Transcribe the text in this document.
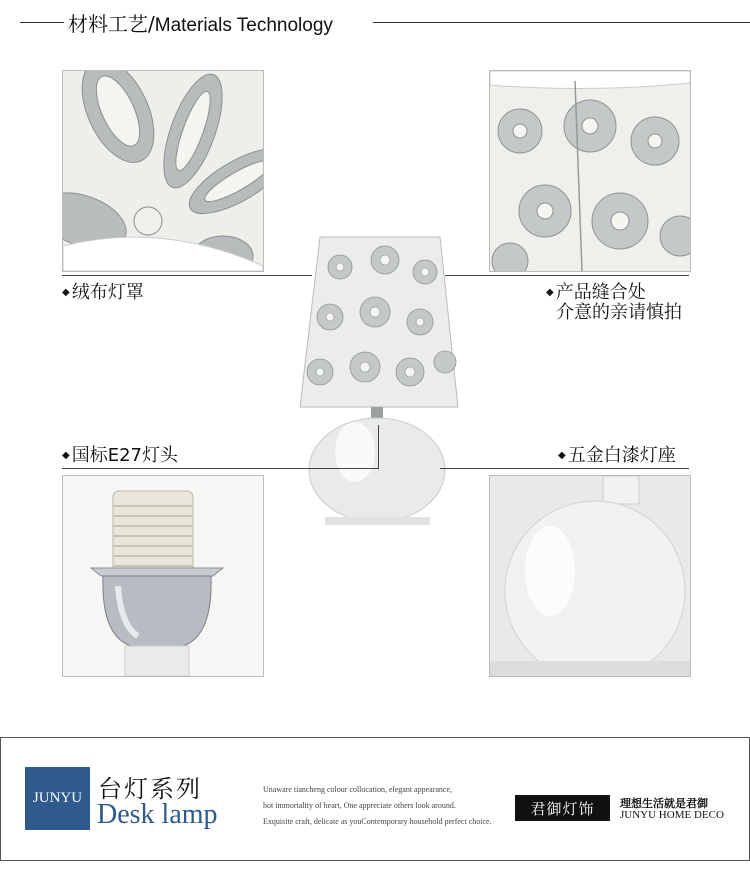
材料工艺/Materials Technology
◆ 绒布灯罩	◆ 产品缝合处
介意的亲请慎拍
◆ 国标E27灯头	◆ 五金白漆灯座
JUNYU 台灯系列
Desk lamp
Unaware tiancheng colour collocation, elegant appearance,
hot immortality of heart, One appreciate others look around.
Exquisite craft, delicate as youContemporary household perfect choice.
君御灯饰 理想生活就是君御
JUNYU HOME DECO
